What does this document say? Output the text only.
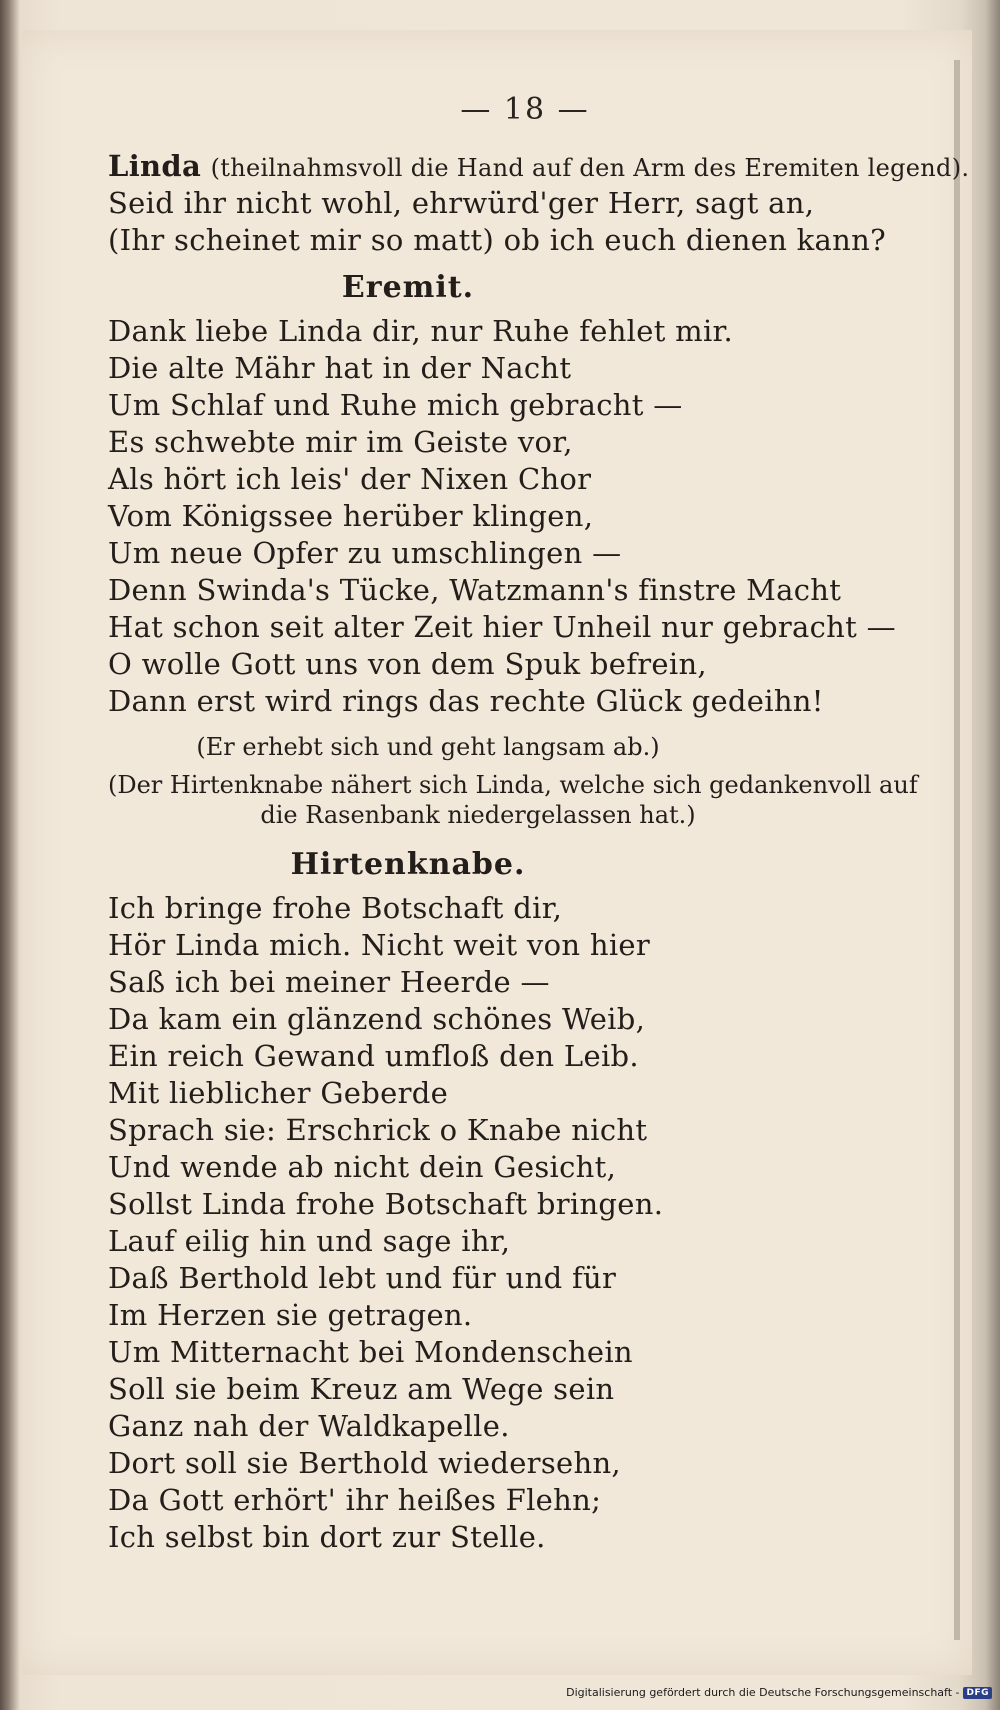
— 18 —
Linda (theilnahmsvoll die Hand auf den Arm des Eremiten legend).
Seid ihr nicht wohl, ehrwürd'ger Herr, sagt an,
(Ihr scheinet mir so matt) ob ich euch dienen kann?
Eremit.
Dank liebe Linda dir, nur Ruhe fehlet mir.
Die alte Mähr hat in der Nacht
Um Schlaf und Ruhe mich gebracht —
Es schwebte mir im Geiste vor,
Als hört ich leis' der Nixen Chor
Vom Königssee herüber klingen,
Um neue Opfer zu umschlingen —
Denn Swinda's Tücke, Watzmann's finstre Macht
Hat schon seit alter Zeit hier Unheil nur gebracht —
O wolle Gott uns von dem Spuk befrein,
Dann erst wird rings das rechte Glück gedeihn!
(Er erhebt sich und geht langsam ab.)
(Der Hirtenknabe nähert sich Linda, welche sich gedankenvoll auf
die Rasenbank niedergelassen hat.)
Hirtenknabe.
Ich bringe frohe Botschaft dir,
Hör Linda mich. Nicht weit von hier
Saß ich bei meiner Heerde —
Da kam ein glänzend schönes Weib,
Ein reich Gewand umfloß den Leib.
Mit lieblicher Geberde
Sprach sie: Erschrick o Knabe nicht
Und wende ab nicht dein Gesicht,
Sollst Linda frohe Botschaft bringen.
Lauf eilig hin und sage ihr,
Daß Berthold lebt und für und für
Im Herzen sie getragen.
Um Mitternacht bei Mondenschein
Soll sie beim Kreuz am Wege sein
Ganz nah der Waldkapelle.
Dort soll sie Berthold wiedersehn,
Da Gott erhört' ihr heißes Flehn;
Ich selbst bin dort zur Stelle.
Digitalisierung gefördert durch die Deutsche Forschungsgemeinschaft - DFG
